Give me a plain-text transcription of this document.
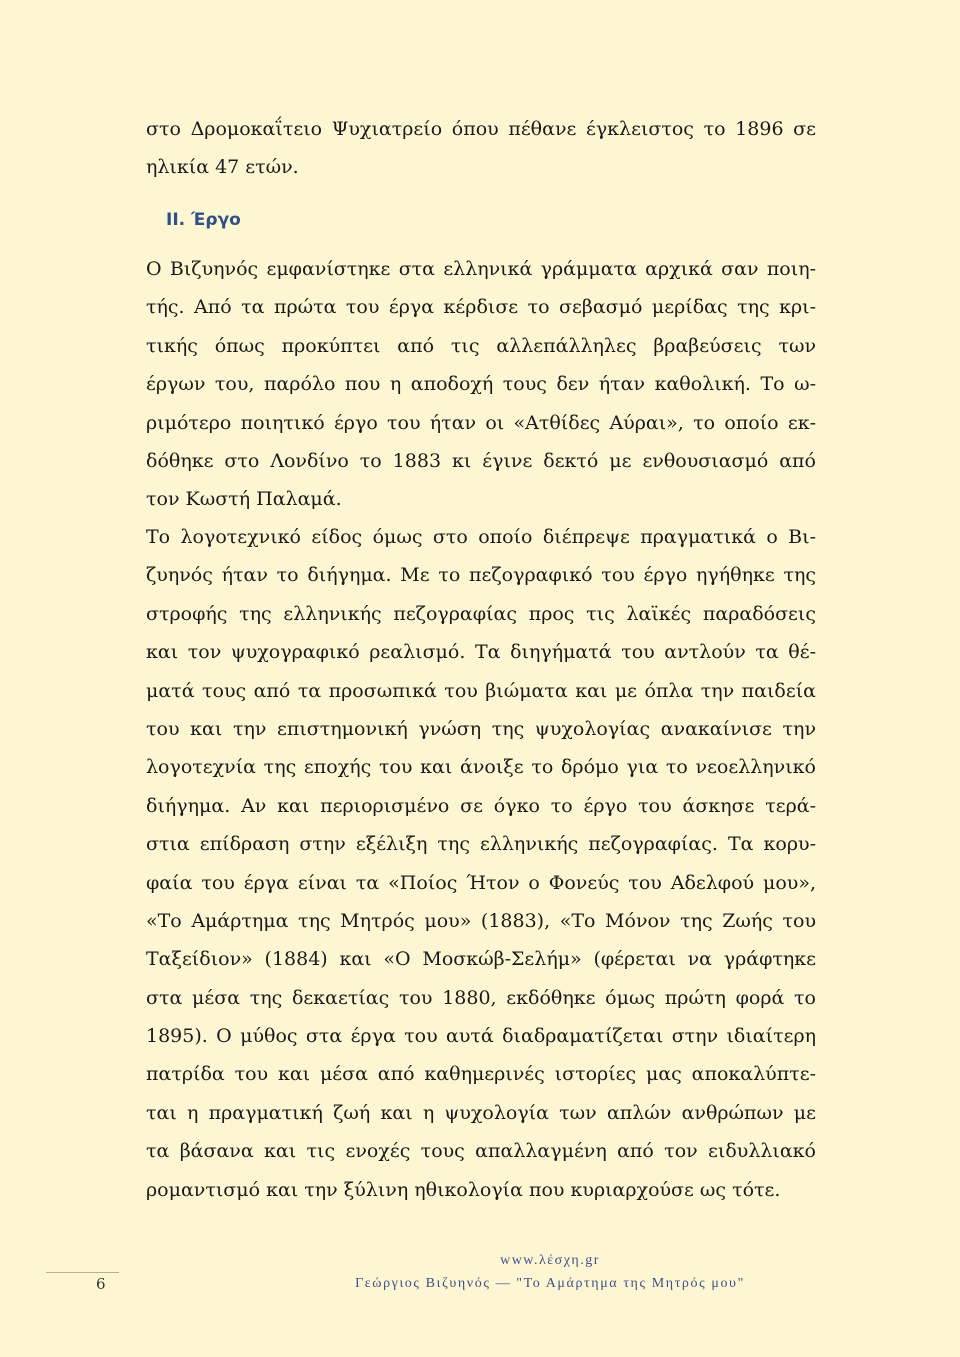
στο Δρομοκαΐτειο Ψυχιατρείο όπου πέθανε έγκλειστος το 1896 σε
ηλικία 47 ετών.
II. Έργο
Ο Βιζυηνός εμφανίστηκε στα ελληνικά γράμματα αρχικά σαν ποιη-
τής. Από τα πρώτα του έργα κέρδισε το σεβασμό μερίδας της κρι-
τικής όπως προκύπτει από τις αλλεπάλληλες βραβεύσεις των
έργων του, παρόλο που η αποδοχή τους δεν ήταν καθολική. Το ω-
ριμότερο ποιητικό έργο του ήταν οι «Ατθίδες Αύραι», το οποίο εκ-
δόθηκε στο Λονδίνο το 1883 κι έγινε δεκτό με ενθουσιασμό από
τον Κωστή Παλαμά.
Το λογοτεχνικό είδος όμως στο οποίο διέπρεψε πραγματικά ο Βι-
ζυηνός ήταν το διήγημα. Με το πεζογραφικό του έργο ηγήθηκε της
στροφής της ελληνικής πεζογραφίας προς τις λαϊκές παραδόσεις
και τον ψυχογραφικό ρεαλισμό. Τα διηγήματά του αντλούν τα θέ-
ματά τους από τα προσωπικά του βιώματα και με όπλα την παιδεία
του και την επιστημονική γνώση της ψυχολογίας ανακαίνισε την
λογοτεχνία της εποχής του και άνοιξε το δρόμο για το νεοελληνικό
διήγημα. Αν και περιορισμένο σε όγκο το έργο του άσκησε τερά-
στια επίδραση στην εξέλιξη της ελληνικής πεζογραφίας. Τα κορυ-
φαία του έργα είναι τα «Ποίος Ήτον ο Φονεύς του Αδελφού μου»,
«Το Αμάρτημα της Μητρός μου» (1883), «Το Μόνον της Ζωής του
Ταξείδιον» (1884) και «Ο Μοσκώβ-Σελήμ» (φέρεται να γράφτηκε
στα μέσα της δεκαετίας του 1880, εκδόθηκε όμως πρώτη φορά το
1895). Ο μύθος στα έργα του αυτά διαδραματίζεται στην ιδιαίτερη
πατρίδα του και μέσα από καθημερινές ιστορίες μας αποκαλύπτε-
ται η πραγματική ζωή και η ψυχολογία των απλών ανθρώπων με
τα βάσανα και τις ενοχές τους απαλλαγμένη από τον ειδυλλιακό
ρομαντισμό και την ξύλινη ηθικολογία που κυριαρχούσε ως τότε.
6
www.λέσχη.gr
Γεώργιος Βιζυηνός — "Το Αμάρτημα της Μητρός μου"
